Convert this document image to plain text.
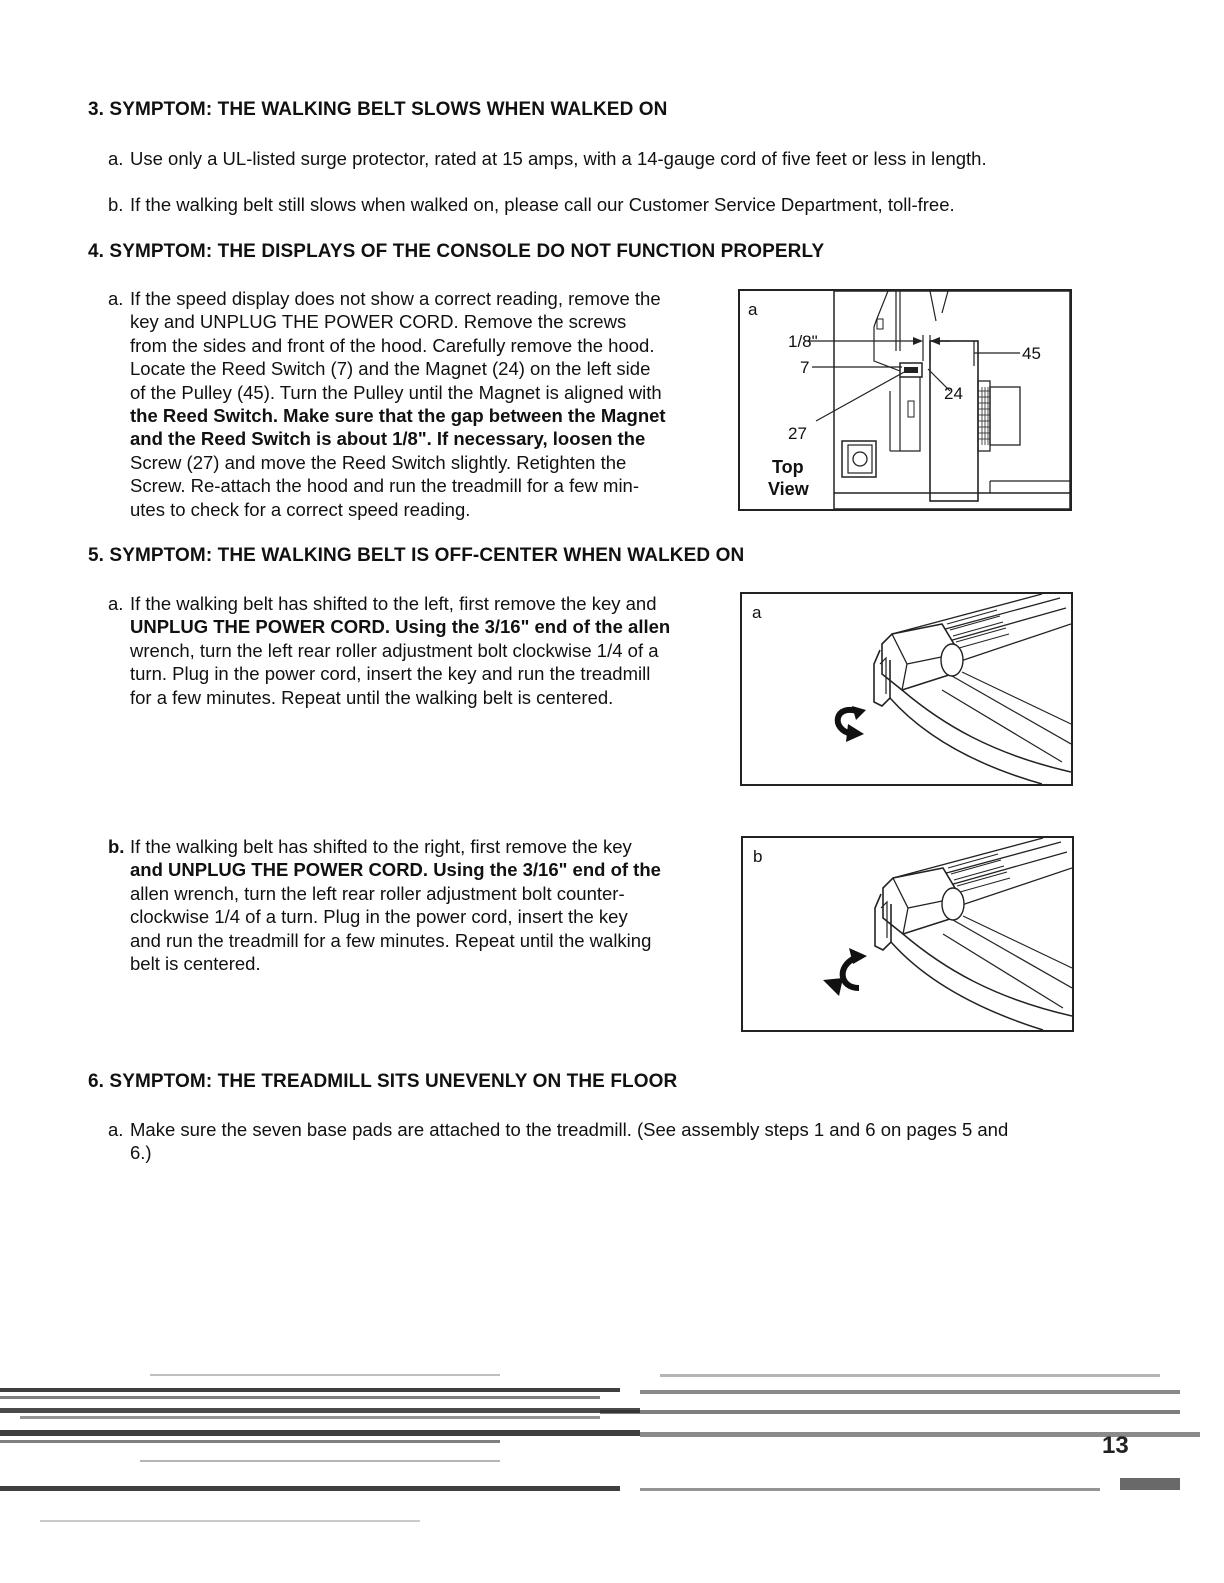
3. SYMPTOM: THE WALKING BELT SLOWS WHEN WALKED ON
a. Use only a UL-listed surge protector, rated at 15 amps, with a 14-gauge cord of five feet or less in length.
b. If the walking belt still slows when walked on, please call our Customer Service Department, toll-free.
4. SYMPTOM: THE DISPLAYS OF THE CONSOLE DO NOT FUNCTION PROPERLY
a. If the speed display does not show a correct reading, remove the
key and UNPLUG THE POWER CORD. Remove the screws
from the sides and front of the hood. Carefully remove the hood.
Locate the Reed Switch (7) and the Magnet (24) on the left side
of the Pulley (45). Turn the Pulley until the Magnet is aligned with
the Reed Switch. Make sure that the gap between the Magnet
and the Reed Switch is about 1/8". If necessary, loosen the
Screw (27) and move the Reed Switch slightly. Retighten the
Screw. Re-attach the hood and run the treadmill for a few min-
utes to check for a correct speed reading.
a
1/8"
7
24
27
45
Top
View
5. SYMPTOM: THE WALKING BELT IS OFF-CENTER WHEN WALKED ON
a. If the walking belt has shifted to the left, first remove the key and
UNPLUG THE POWER CORD. Using the 3/16" end of the allen
wrench, turn the left rear roller adjustment bolt clockwise 1/4 of a
turn. Plug in the power cord, insert the key and run the treadmill
for a few minutes. Repeat until the walking belt is centered.
a
b. If the walking belt has shifted to the right, first remove the key
and UNPLUG THE POWER CORD. Using the 3/16" end of the
allen wrench, turn the left rear roller adjustment bolt counter-
clockwise 1/4 of a turn. Plug in the power cord, insert the key
and run the treadmill for a few minutes. Repeat until the walking
belt is centered.
b
6. SYMPTOM: THE TREADMILL SITS UNEVENLY ON THE FLOOR
a. Make sure the seven base pads are attached to the treadmill. (See assembly steps 1 and 6 on pages 5 and
6.)
13
